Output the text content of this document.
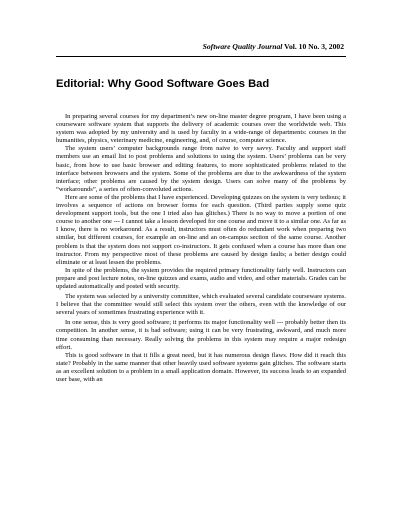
Software Quality Journal Vol. 10 No. 3, 2002
Editorial: Why Good Software Goes Bad

In preparing several courses for my department’s new on-line master degree program, I have been using a courseware software system that supports the delivery of academic courses over the worldwide web. This system was adopted by my university and is used by faculty in a wide-range of departments: courses in the humanities, physics, veterinary medicine, engineering, and, of course, computer science.

The system users’ computer backgrounds range from naive to very savvy. Faculty and support staff members use an email list to post problems and solutions to using the system. Users’ problems can be very basic, from how to use basic browser and editing features, to more sophisticated problems related to the interface between browsers and the system. Some of the problems are due to the awkwardness of the system interface; other problems are caused by the system design. Users can solve many of the problems by “workarounds”, a series of often-convoluted actions.

Here are some of the problems that I have experienced. Developing quizzes on the system is very tedious; it involves a sequence of actions on browser forms for each question. (Third parties supply some quiz development support tools, but the one I tried also has glitches.) There is no way to move a portion of one course to another one --- I cannot take a lesson developed for one course and move it to a similar one. As far as I know, there is no workaround. As a result, instructors must often do redundant work when preparing two similar, but different courses, for example an on-line and an on-campus section of the same course. Another problem is that the system does not support co-instructors. It gets confused when a course has more than one instructor. From my perspective most of these problems are caused by design faults; a better design could eliminate or at least lessen the problems.

In spite of the problems, the system provides the required primary functionality fairly well. Instructors can prepare and post lecture notes, on-line quizzes and exams, audio and video, and other materials. Grades can be updated automatically and posted with security.

The system was selected by a university committee, which evaluated several candidate courseware systems. I believe that the committee would still select this system over the others, even with the knowledge of our several years of sometimes frustrating experience with it.

In one sense, this is very good software; it performs its major functionality well --- probably better then its competition. In another sense, it is bad software; using it can be very frustrating, awkward, and much more time consuming than necessary. Really solving the problems in this system may require a major redesign effort.

This is good software in that it fills a great need, but it has numerous design flaws. How did it reach this state? Probably in the same manner that other heavily used software systems gain glitches. The software starts as an excellent solution to a problem in a small application domain. However, its success leads to an expanded user base, with an
